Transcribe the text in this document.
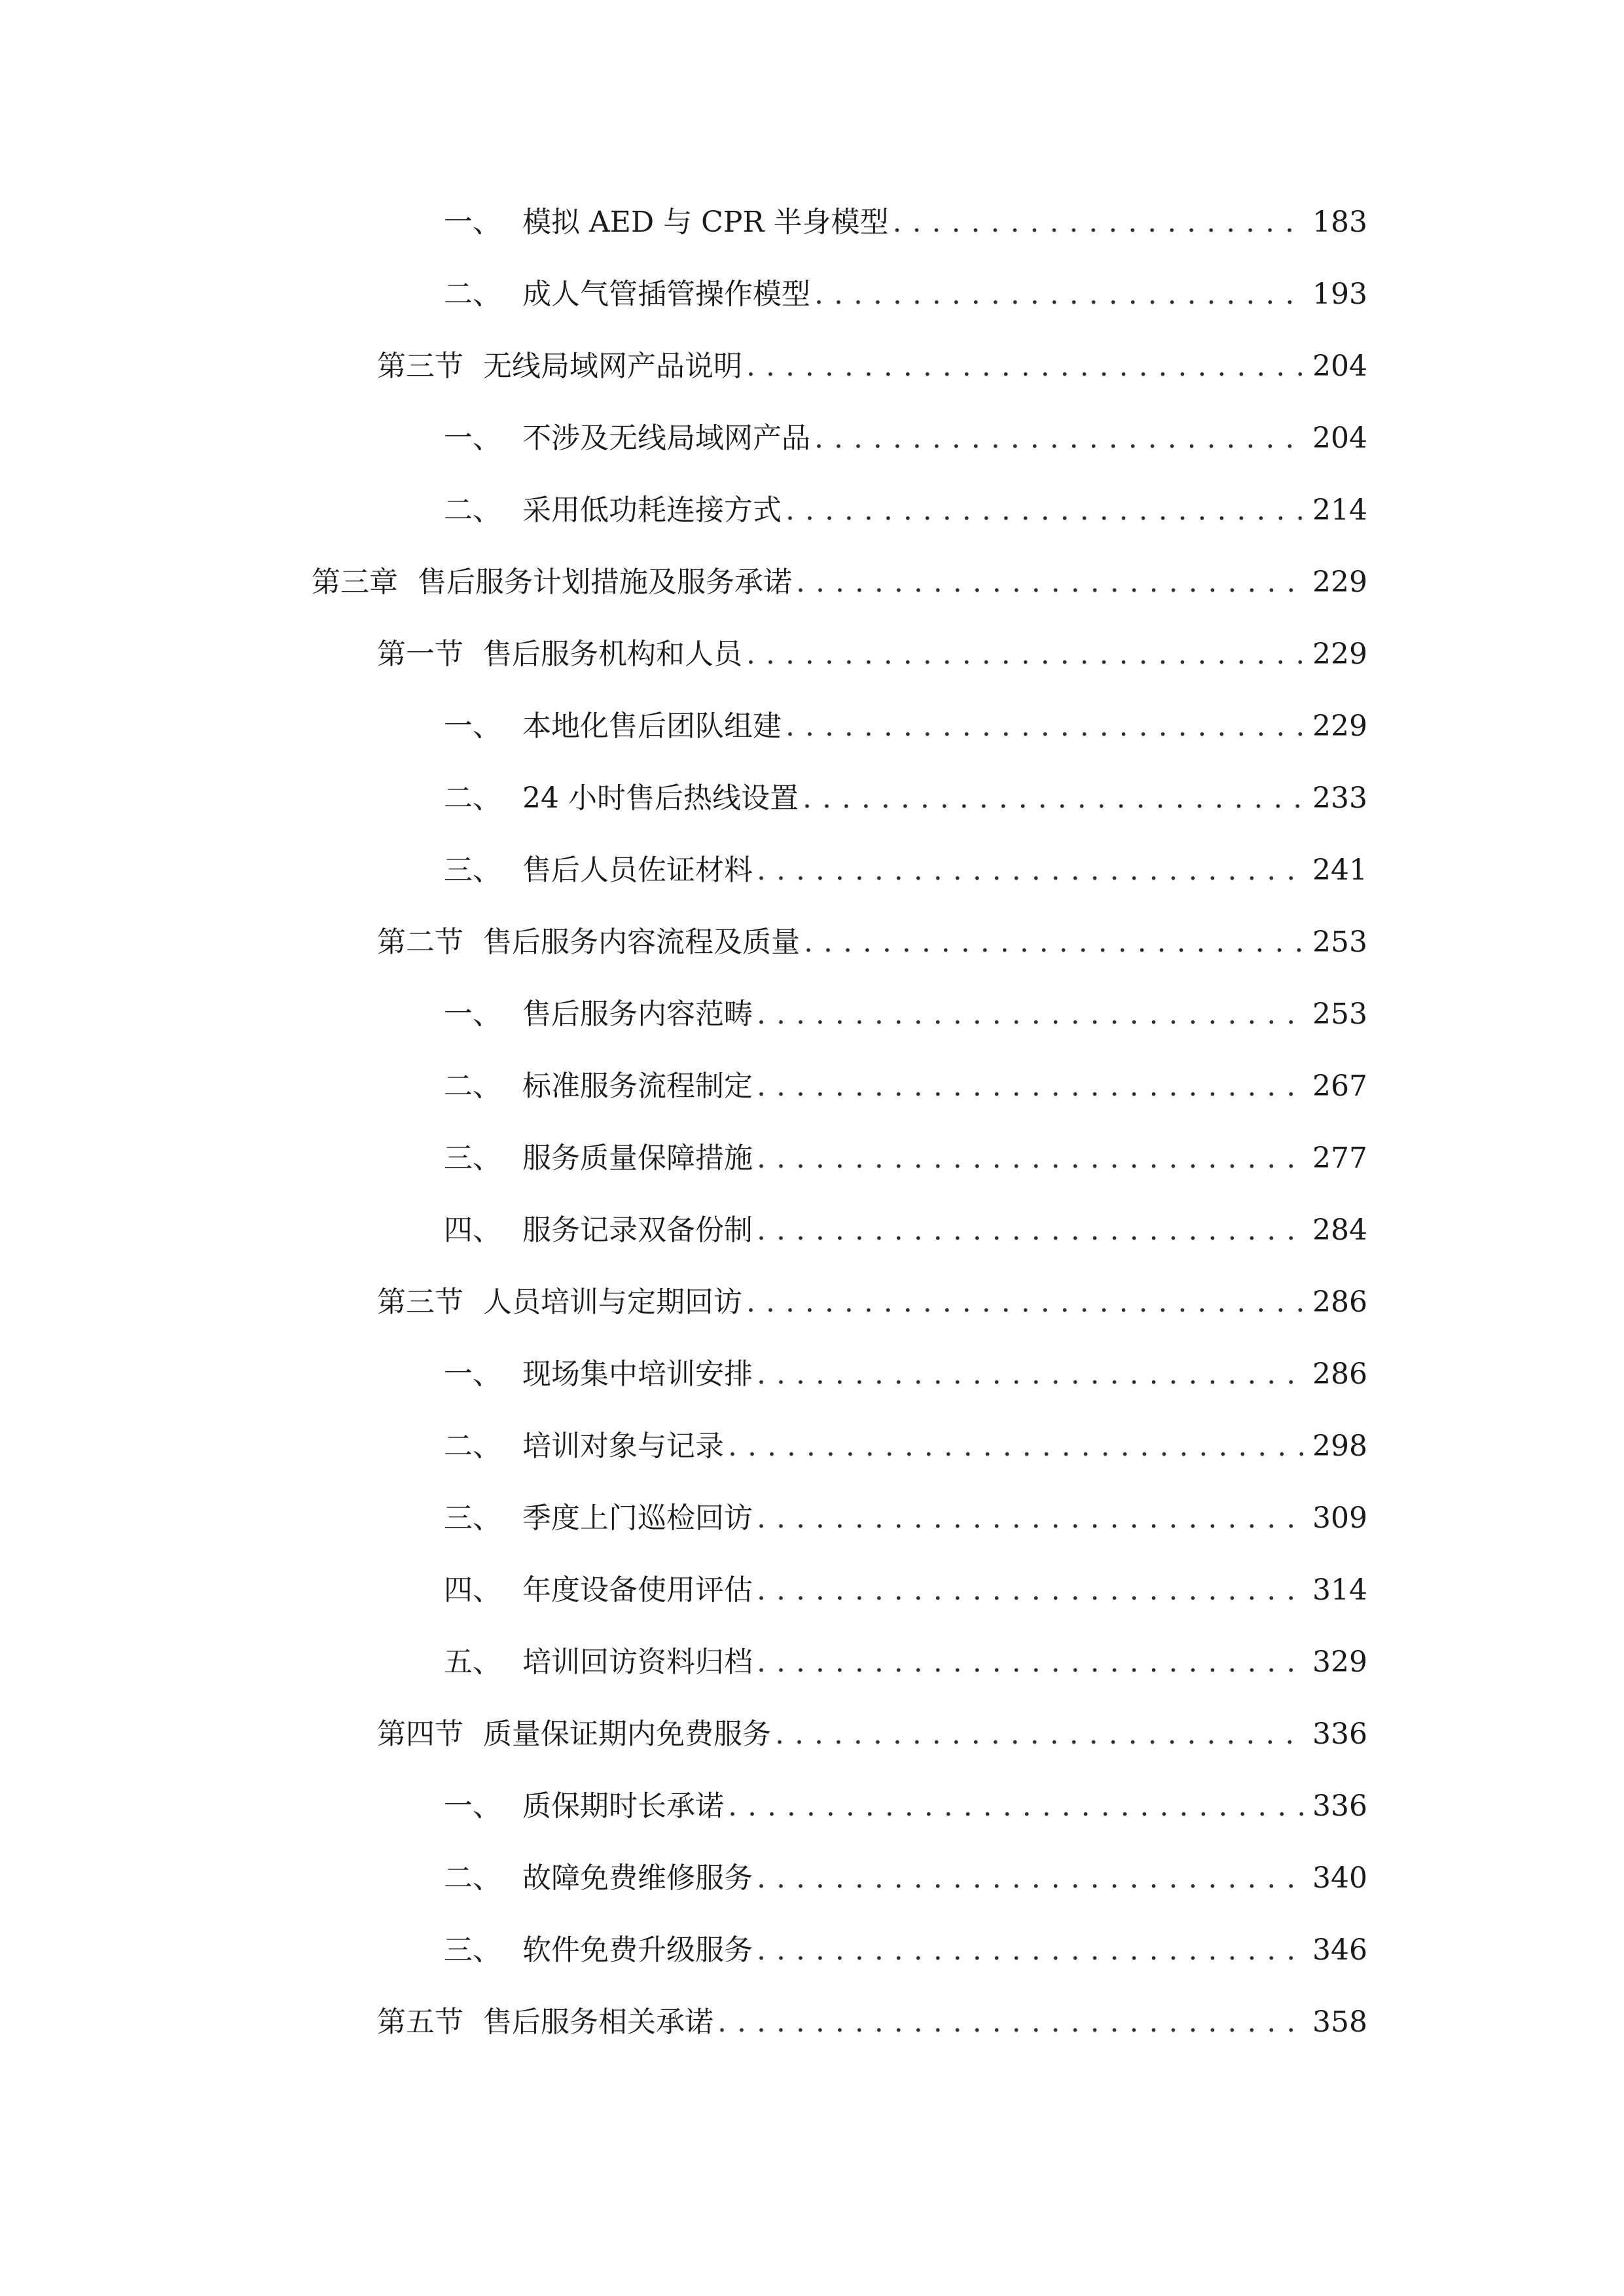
一、 模拟 AED 与 CPR 半身模型 . . .	183
二、 成人气管插管操作模型 . . .	193
第三节 无线局域网产品说明 . . .	204
一、 不涉及无线局域网产品 . . .	204
二、 采用低功耗连接方式 . . .	214
第三章 售后服务计划措施及服务承诺 . . .	229
第一节 售后服务机构和人员 . . .	229
一、 本地化售后团队组建 . . .	229
二、 24 小时售后热线设置 . . .	233
三、 售后人员佐证材料 . . .	241
第二节 售后服务内容流程及质量 . . .	253
一、 售后服务内容范畴 . . .	253
二、 标准服务流程制定 . . .	267
三、 服务质量保障措施 . . .	277
四、 服务记录双备份制 . . .	284
第三节 人员培训与定期回访 . . .	286
一、 现场集中培训安排 . . .	286
二、 培训对象与记录 . . .	298
三、 季度上门巡检回访 . . .	309
四、 年度设备使用评估 . . .	314
五、 培训回访资料归档 . . .	329
第四节 质量保证期内免费服务 . . .	336
一、 质保期时长承诺 . . .	336
二、 故障免费维修服务 . . .	340
三、 软件免费升级服务 . . .	346
第五节 售后服务相关承诺 . . .	358
